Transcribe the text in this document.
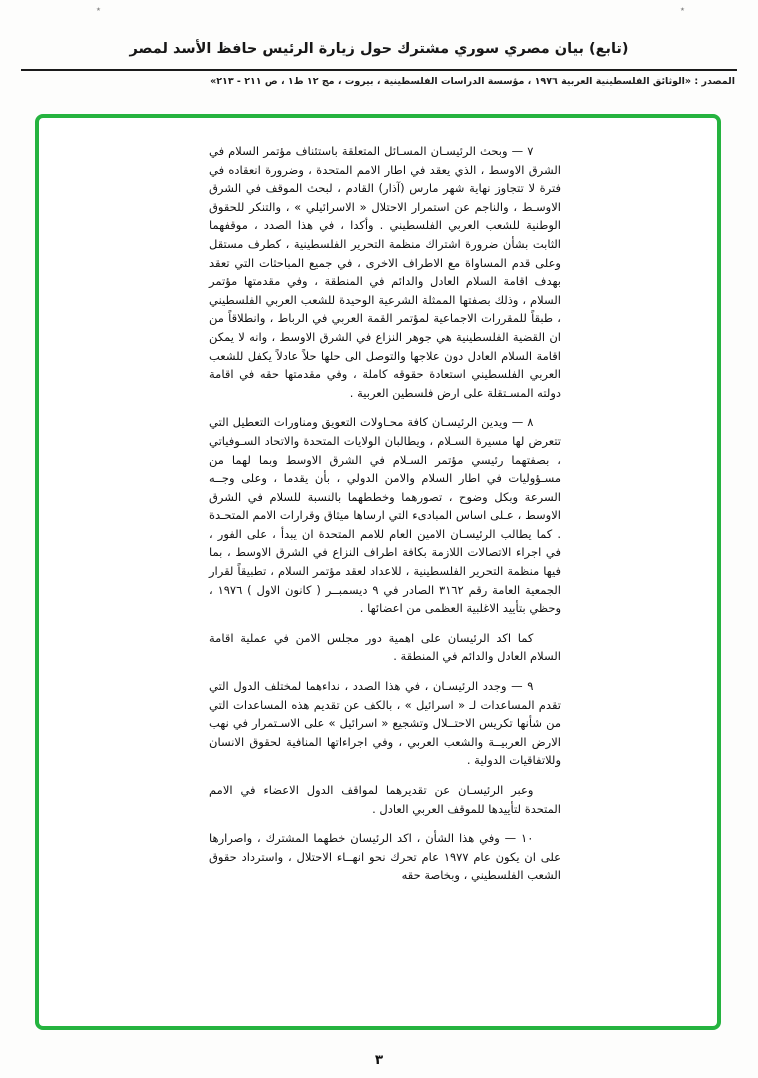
٭	٭
(تابع) بيان مصري سوري مشترك حول زيارة الرئيس حافظ الأسد لمصر
المصدر : «الوثائق الفلسطينية العربية ١٩٧٦ ، مؤسسة الدراسات الفلسطينية ، بيروت ، مج ١٢ ط١ ، ص ٢١١ - ٢١٣»

٧ — وبحث الرئيسـان المسـائل المتعلقة باستئناف مؤتمر السلام في الشرق الاوسط ، الذي يعقد في اطار الامم المتحدة ، وضرورة انعقاده في فترة لا تتجاوز نهاية شهر مارس (آذار) القادم ، لبحث الموقف في الشرق الاوسـط ، والناجم عن استمرار الاحتلال « الاسرائيلي » ، والتنكر للحقوق الوطنية للشعب العربي الفلسطيني . وأكدا ، في هذا الصدد ، موقفهما الثابت بشأن ضرورة اشتراك منظمة التحرير الفلسطينية ، كطرف مستقل وعلى قدم المساواة مع الاطراف الاخرى ، في جميع المباحثات التي تعقد بهدف اقامة السلام العادل والدائم في المنطقة ، وفي مقدمتها مؤتمر السلام ، وذلك بصفتها الممثلة الشرعية الوحيدة للشعب العربي الفلسطيني ، طبقاً للمقررات الاجماعية لمؤتمر القمة العربي في الرباط ، وانطلاقاً من ان القضية الفلسطينية هي جوهر النزاع في الشرق الاوسط ، وانه لا يمكن اقامة السلام العادل دون علاجها والتوصل الى حلها حلاً عادلاً يكفل للشعب العربي الفلسطيني استعادة حقوقه كاملة ، وفي مقدمتها حقه في اقامة دولته المسـتقلة على ارض فلسطين العربية .

٨ — ويدين الرئيسـان كافة محـاولات التعويق ومناورات التعطيل التي تتعرض لها مسيرة السـلام ، ويطالبان الولايات المتحدة والاتحاد السـوفياتي ، بصفتهما رئيسي مؤتمر السـلام في الشرق الاوسط وبما لهما من مسـؤوليات في اطار السلام والامن الدولي ، بأن يقدما ، وعلى وجــه السرعة وبكل وضوح ، تصورهما وخططهما بالنسبة للسلام في الشرق الاوسط ، عـلى اساس المبادىء التي ارساها ميثاق وقرارات الامم المتحـدة . كما يطالب الرئيسـان الامين العام للامم المتحدة ان يبدأ ، على الفور ، في اجراء الاتصالات اللازمة بكافة اطراف النزاع في الشرق الاوسط ، بما فيها منظمة التحرير الفلسطينية ، للاعداد لعقد مؤتمر السلام ، تطبيقاً لقرار الجمعية العامة رقم ٣١٦٢ الصادر في ٩ ديسمبــر ( كانون الاول ) ١٩٧٦ ، وحظي بتأييد الاغلبية العظمى من اعضائها .

كما اكد الرئيسان على اهمية دور مجلس الامن في عملية اقامة السلام العادل والدائم في المنطقة .

٩ — وجدد الرئيسـان ، في هذا الصدد ، نداءهما لمختلف الدول التي تقدم المساعدات لـ « اسرائيل » ، بالكف عن تقديم هذه المساعدات التي من شأنها تكريس الاحتــلال وتشجيع « اسرائيل » على الاسـتمرار في نهب الارض العربيــة والشعب العربي ، وفي اجراءاتها المنافية لحقوق الانسان وللاتفاقيات الدولية .

وعبر الرئيسـان عن تقديرهما لمواقف الدول الاعضاء في الامم المتحدة لتأييدها للموقف العربي العادل .

١٠ — وفي هذا الشأن ، اكد الرئيسان خطهما المشترك ، واصرارها على ان يكون عام ١٩٧٧ عام تحرك نحو انهــاء الاحتلال ، واسترداد حقوق الشعب الفلسطيني ، وبخاصة حقه

٣
